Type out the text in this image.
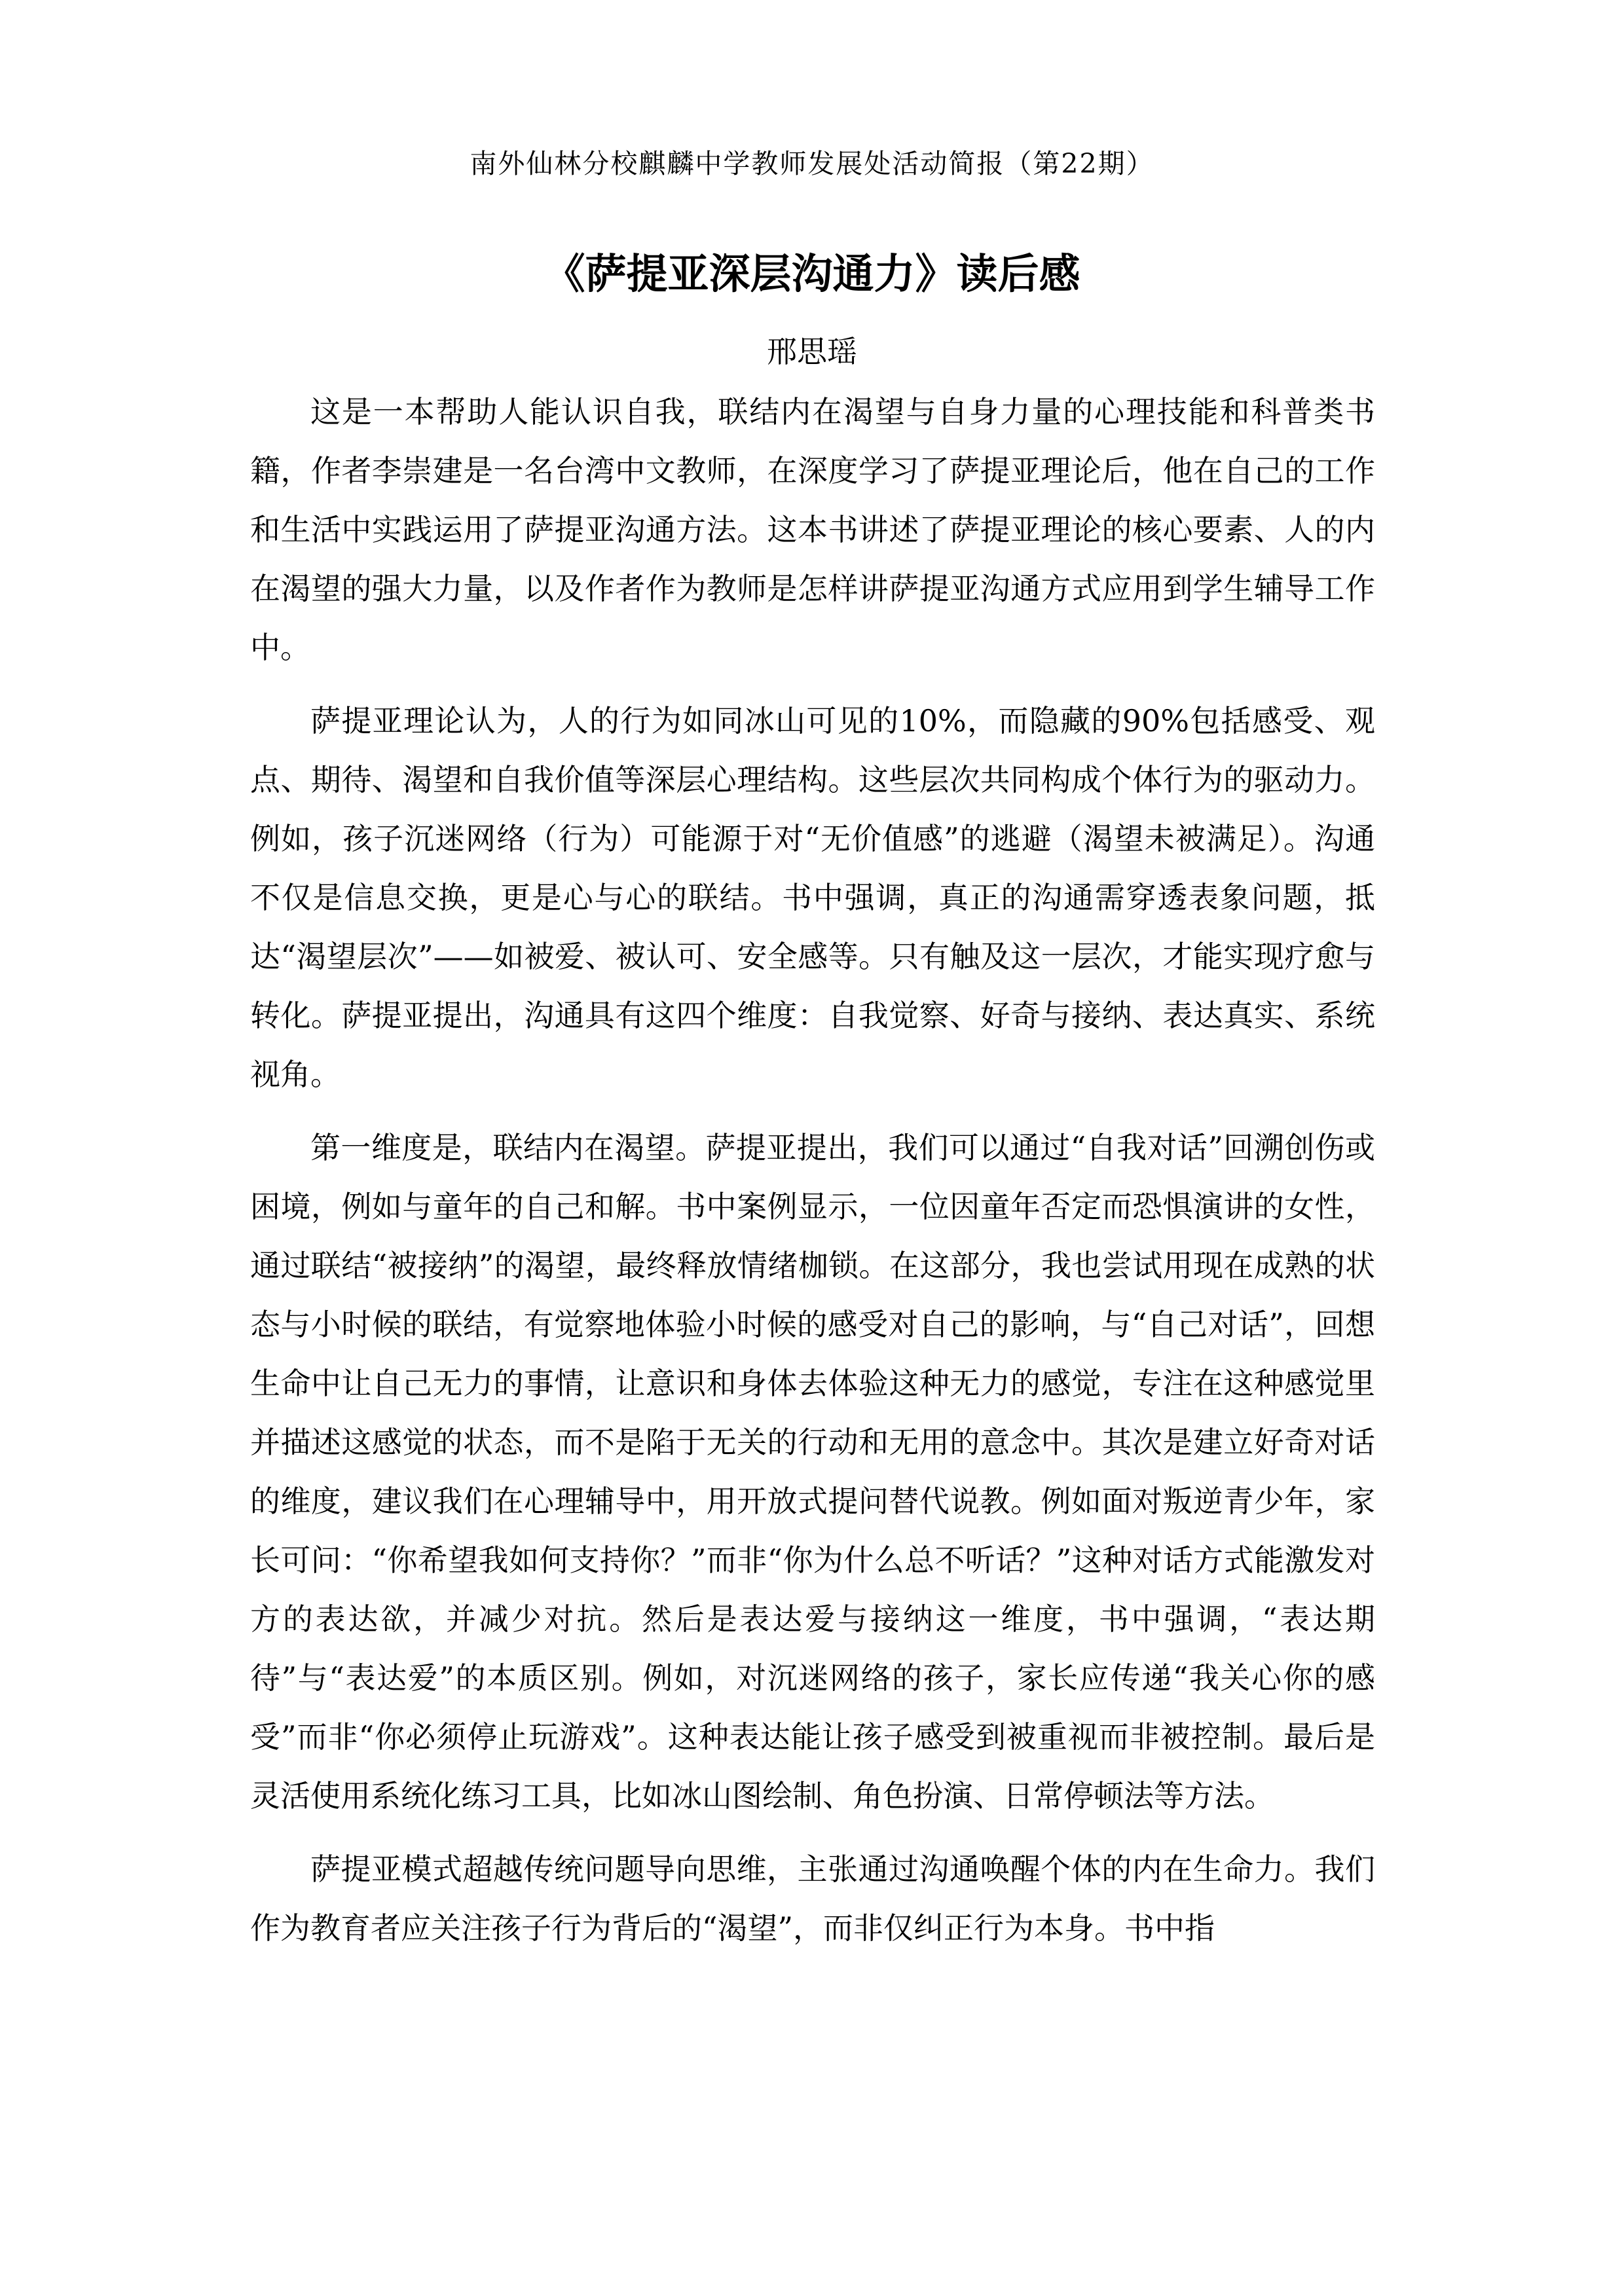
南外仙林分校麒麟中学教师发展处活动简报（第22期）
《萨提亚深层沟通力》读后感
邢思瑶

这是一本帮助人能认识自我，联结内在渴望与自身力量的心理技能和科普类书籍，作者李崇建是一名台湾中文教师，在深度学习了萨提亚理论后，他在自己的工作和生活中实践运用了萨提亚沟通方法。这本书讲述了萨提亚理论的核心要素、人的内在渴望的强大力量，以及作者作为教师是怎样讲萨提亚沟通方式应用到学生辅导工作中。

萨提亚理论认为，人的行为如同冰山可见的10%，而隐藏的90%包括感受、观点、期待、渴望和自我价值等深层心理结构。这些层次共同构成个体行为的驱动力。例如，孩子沉迷网络（行为）可能源于对“无价值感”的逃避（渴望未被满足）。沟通不仅是信息交换，更是心与心的联结。书中强调，真正的沟通需穿透表象问题，抵达“渴望层次”——如被爱、被认可、安全感等。只有触及这一层次，才能实现疗愈与转化。萨提亚提出，沟通具有这四个维度：自我觉察、好奇与接纳、表达真实、系统视角。

第一维度是，联结内在渴望。萨提亚提出，我们可以通过“自我对话”回溯创伤或困境，例如与童年的自己和解。书中案例显示，一位因童年否定而恐惧演讲的女性，通过联结“被接纳”的渴望，最终释放情绪枷锁。在这部分，我也尝试用现在成熟的状态与小时候的联结，有觉察地体验小时候的感受对自己的影响，与“自己对话”，回想生命中让自己无力的事情，让意识和身体去体验这种无力的感觉，专注在这种感觉里并描述这感觉的状态，而不是陷于无关的行动和无用的意念中。其次是建立好奇对话的维度，建议我们在心理辅导中，用开放式提问替代说教。例如面对叛逆青少年，家长可问：“你希望我如何支持你？”而非“你为什么总不听话？”这种对话方式能激发对方的表达欲，并减少对抗。然后是表达爱与接纳这一维度，书中强调，“表达期待”与“表达爱”的本质区别。例如，对沉迷网络的孩子，家长应传递“我关心你的感受”而非“你必须停止玩游戏”。这种表达能让孩子感受到被重视而非被控制。最后是灵活使用系统化练习工具，比如冰山图绘制、角色扮演、日常停顿法等方法。

萨提亚模式超越传统问题导向思维，主张通过沟通唤醒个体的内在生命力。我们作为教育者应关注孩子行为背后的“渴望”，而非仅纠正行为本身。书中指
